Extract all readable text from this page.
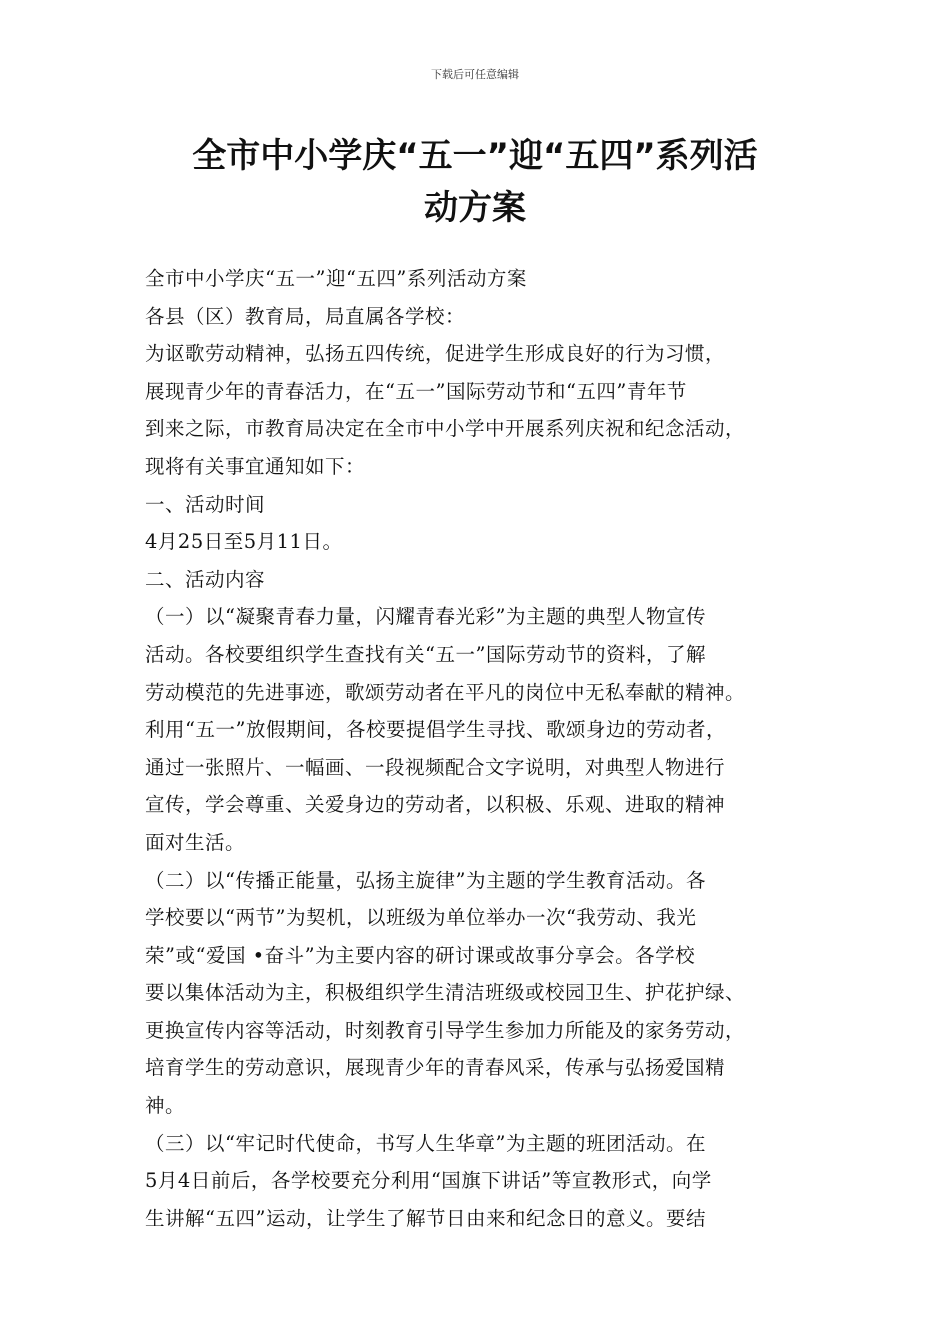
下载后可任意编辑
全市中小学庆“五一”迎“五四”系列活
动方案

全市中小学庆“五一”迎“五四”系列活动方案

各县（区）教育局，局直属各学校：

为讴歌劳动精神，弘扬五四传统，促进学生形成良好的行为习惯，

展现青少年的青春活力，在“五一”国际劳动节和“五四”青年节

到来之际，市教育局决定在全市中小学中开展系列庆祝和纪念活动，

现将有关事宜通知如下：

一、活动时间

4月25日至5月11日。

二、活动内容

（一）以“凝聚青春力量，闪耀青春光彩”为主题的典型人物宣传

活动。各校要组织学生查找有关“五一”国际劳动节的资料，了解

劳动模范的先进事迹，歌颂劳动者在平凡的岗位中无私奉献的精神。

利用“五一”放假期间，各校要提倡学生寻找、歌颂身边的劳动者，

通过一张照片、一幅画、一段视频配合文字说明，对典型人物进行

宣传，学会尊重、关爱身边的劳动者，以积极、乐观、进取的精神

面对生活。

（二）以“传播正能量，弘扬主旋律”为主题的学生教育活动。各

学校要以“两节”为契机，以班级为单位举办一次“我劳动、我光

荣”或“爱国 •奋斗”为主要内容的研讨课或故事分享会。各学校

要以集体活动为主，积极组织学生清洁班级或校园卫生、护花护绿、

更换宣传内容等活动，时刻教育引导学生参加力所能及的家务劳动，

培育学生的劳动意识，展现青少年的青春风采，传承与弘扬爱国精

神。

（三）以“牢记时代使命，书写人生华章”为主题的班团活动。在

5月4日前后，各学校要充分利用“国旗下讲话”等宣教形式，向学

生讲解“五四”运动，让学生了解节日由来和纪念日的意义。要结
